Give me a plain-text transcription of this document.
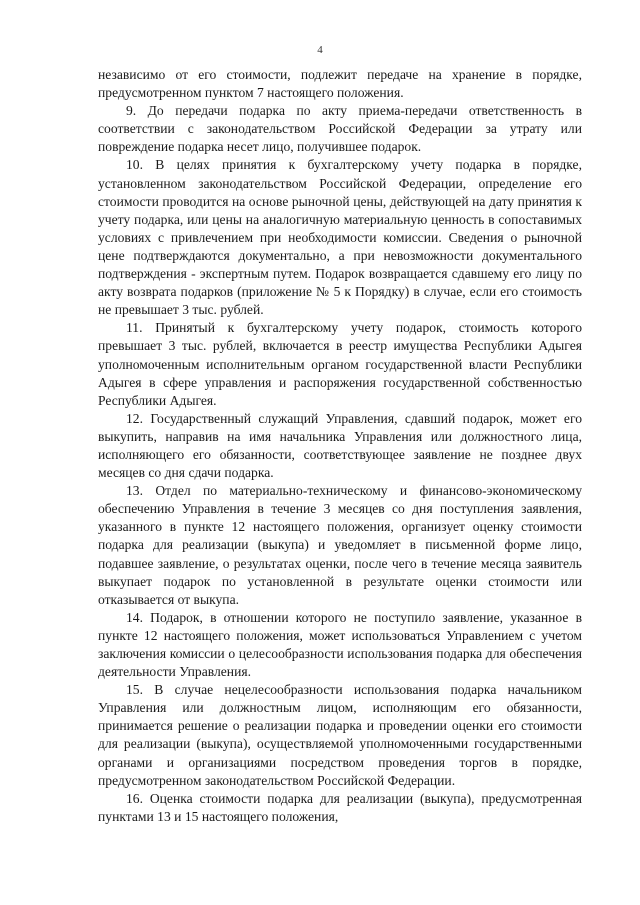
4

независимо от его стоимости, подлежит передаче на хранение в порядке, предусмотренном пунктом 7 настоящего положения.

9. До передачи подарка по акту приема-передачи ответственность в соответствии с законодательством Российской Федерации за утрату или повреждение подарка несет лицо, получившее подарок.

10. В целях принятия к бухгалтерскому учету подарка в порядке, установленном законодательством Российской Федерации, определение его стоимости проводится на основе рыночной цены, действующей на дату принятия к учету подарка, или цены на аналогичную материальную ценность в сопоставимых условиях с привлечением при необходимости комиссии. Сведения о рыночной цене подтверждаются документально, а при невозможности документального подтверждения - экспертным путем. Подарок возвращается сдавшему его лицу по акту возврата подарков (приложение № 5 к Порядку) в случае, если его стоимость не превышает 3 тыс. рублей.

11. Принятый к бухгалтерскому учету подарок, стоимость которого превышает 3 тыс. рублей, включается в реестр имущества Республики Адыгея уполномоченным исполнительным органом государственной власти Республики Адыгея в сфере управления и распоряжения государственной собственностью Республики Адыгея.

12. Государственный служащий Управления, сдавший подарок, может его выкупить, направив на имя начальника Управления или должностного лица, исполняющего его обязанности, соответствующее заявление не позднее двух месяцев со дня сдачи подарка.

13. Отдел по материально-техническому и финансово-экономическому обеспечению Управления в течение 3 месяцев со дня поступления заявления, указанного в пункте 12 настоящего положения, организует оценку стоимости подарка для реализации (выкупа) и уведомляет в письменной форме лицо, подавшее заявление, о результатах оценки, после чего в течение месяца заявитель выкупает подарок по установленной в результате оценки стоимости или отказывается от выкупа.

14. Подарок, в отношении которого не поступило заявление, указанное в пункте 12 настоящего положения, может использоваться Управлением с учетом заключения комиссии о целесообразности использования подарка для обеспечения деятельности Управления.

15. В случае нецелесообразности использования подарка начальником Управления или должностным лицом, исполняющим его обязанности, принимается решение о реализации подарка и проведении оценки его стоимости для реализации (выкупа), осуществляемой уполномоченными государственными органами и организациями посредством проведения торгов в порядке, предусмотренном законодательством Российской Федерации.

16. Оценка стоимости подарка для реализации (выкупа), предусмотренная пунктами 13 и 15 настоящего положения,
